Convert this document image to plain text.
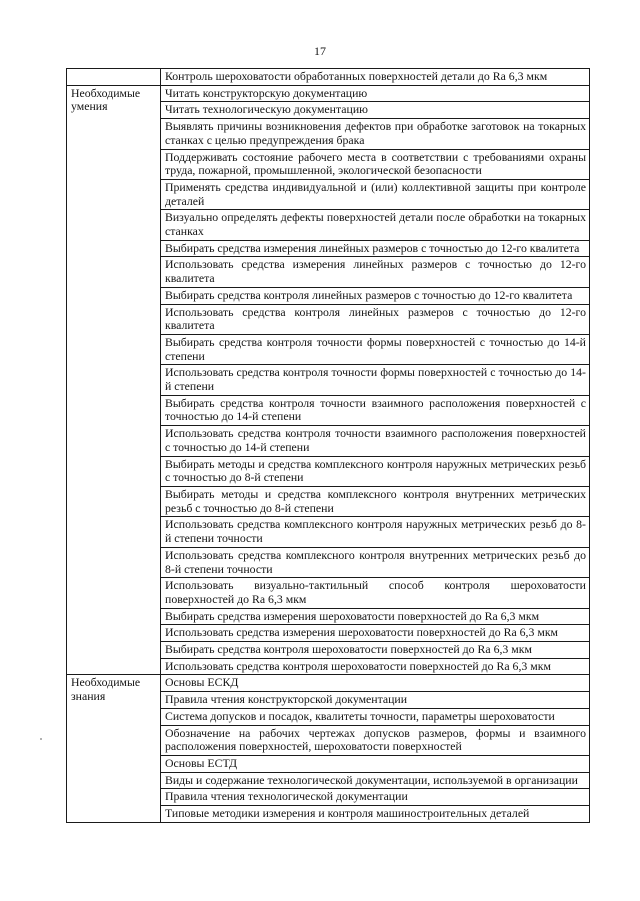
17
	Контроль шероховатости обработанных поверхностей детали до Ra 6,3 мкм

Необходимые умения	Читать конструкторскую документацию
	Читать технологическую документацию
	Выявлять причины возникновения дефектов при обработке заготовок на токарных станках с целью предупреждения брака
	Поддерживать состояние рабочего места в соответствии с требованиями охраны труда, пожарной, промышленной, экологической безопасности
	Применять средства индивидуальной и (или) коллективной защиты при контроле деталей
	Визуально определять дефекты поверхностей детали после обработки на токарных станках
	Выбирать средства измерения линейных размеров с точностью до 12-го квалитета
	Использовать средства измерения линейных размеров с точностью до 12-го квалитета
	Выбирать средства контроля линейных размеров с точностью до 12-го квалитета
	Использовать средства контроля линейных размеров с точностью до 12-го квалитета
	Выбирать средства контроля точности формы поверхностей с точностью до 14-й степени
	Использовать средства контроля точности формы поверхностей с точностью до 14-й степени
	Выбирать средства контроля точности взаимного расположения поверхностей с точностью до 14-й степени
	Использовать средства контроля точности взаимного расположения поверхностей с точностью до 14-й степени
	Выбирать методы и средства комплексного контроля наружных метрических резьб с точностью до 8-й степени
	Выбирать методы и средства комплексного контроля внутренних метрических резьб с точностью до 8-й степени
	Использовать средства комплексного контроля наружных метрических резьб до 8-й степени точности
	Использовать средства комплексного контроля внутренних метрических резьб до 8-й степени точности
	Использовать визуально-тактильный способ контроля шероховатости поверхностей до Ra 6,3 мкм
	Выбирать средства измерения шероховатости поверхностей до Ra 6,3 мкм
	Использовать средства измерения шероховатости поверхностей до Ra 6,3 мкм
	Выбирать средства контроля шероховатости поверхностей до Ra 6,3 мкм
	Использовать средства контроля шероховатости поверхностей до Ra 6,3 мкм

Необходимые знания	Основы ЕСКД
	Правила чтения конструкторской документации
	Система допусков и посадок, квалитеты точности, параметры шероховатости
	Обозначение на рабочих чертежах допусков размеров, формы и взаимного расположения поверхностей, шероховатости поверхностей
	Основы ЕСТД
	Виды и содержание технологической документации, используемой в организации
	Правила чтения технологической документации
	Типовые методики измерения и контроля машиностроительных деталей
